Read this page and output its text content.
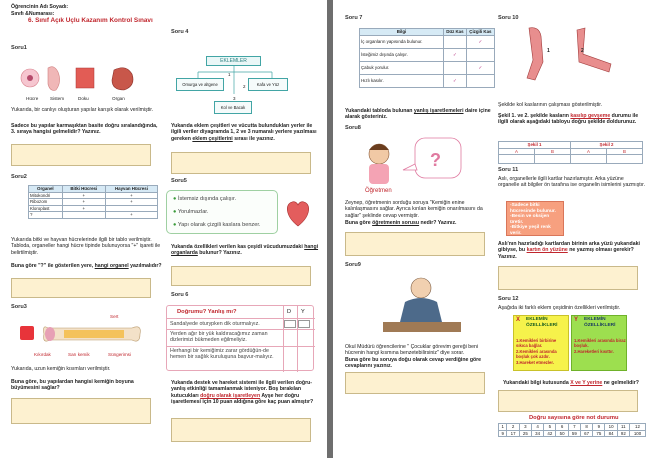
Öğrencinin Adı Soyadı:
Sınıfı &Numarası:
6. Sınıf Açık Uçlu Kazanım Kontrol Sınavı
Soru1
Hücre	Sistem	Doku	Organ
Yukarıda, bir canlıyı oluşturan yapılar karışık olarak verilmiştir.
Sadece bu yapılar karmaşıktan basite doğru sıralandığında, 3. sıraya hangisi gelmelidir? Yazınız.
Soru2
Organel	Bitki Hücresi	Hayvan Hücresi
Mitokondri	+	+
Ribozom	+	+
Kloroplast	+	
?		+
Yukarıda bitki ve hayvan hücrelerinde ilgili bir tablo verilmiştir. Tabloda, organeller hangi hücre tipinde bulunuyorsa "+" işareti ile belirtilmiştir.
Buna göre "?" ile gösterilen yere, hangi organel yazılmalıdır?
Soru3
Sert
Kıkırdak	Sarı kemik	Süngerimsi
Yukarıda, uzun kemiğin kısımları verilmiştir.
Buna göre, bu yapılardan hangisi kemiğin boyuna büyümesini sağlar?
Soru 4
EKLEMLER
Omurga ve altgene	Kafa ve Yüz
Kol ve Bacak
1
2
3
Yukarıda eklem çeşitleri ve vücutta bulundukları yerler ile ilgili veriler diyagramda 1, 2 ve 3 numaralı yerlere yazılması gereken eklem çeşitlerini sırası ile yazınız.
Soru5
● İstemsiz dışında çalışır.
● Yorulmazlar.
● Yapı olarak çizgili kaslara benzer.
Yukarıda özellikleri verilen kas çeşidi vücudumuzdaki hangi organlarda bulunur? Yazınız.
Soru 6
Doğrumu? Yanlış mı?	D Y
Sandalyede oturурken dik oturmalıyız.
Yerden ağır bir yük kaldıracağımız zaman dizlerimizi bükmeden eğilmeliyiz.
Herhangi bir kemiğimiz zarar gördüğün-de hemen bir sağlık kuruluşuna başvur-malıyız.
Yukarıda destek ve hareket sistemi ile ilgili verilen doğru-yanlış etkinliği tamamlanmak isteniyor. Boş bırakılan kutucukları doğru olarak işaretleyen Ayşe her doğru işaretlemesi için 10 puan aldığına göre kaç puan almıştır?
Soru 7
Bilgi	Düz Kas	Çizgili Kas
İç organların yapısında bulunur.		✓
İsteğimiz dışında çalışır.	✓	
Çabuk yorulur.		✓
Hızlı kasılır.	✓	
Yukarıdaki tabloda bulunan yanlış işaretlemeleri daire içine alarak gösteriniz.
Soru8
?
Öğretmen
Zeynep, öğretmenin sorduğu soruya "Kemiğin enine kalınlaşmasını sağlar. Ayrıca kırılan kemiğin onarılmasını da sağlar" şeklinde cevap vermiştir.
Buna göre öğretmenin sorusu nedir? Yazınız.
Soru9
Okul Müdürü öğrencilerine " Çocuklar görevim gereği beni hücrenin hangi kısmına benzetebilirsiniz" diye sorar.
Buna göre bu soruya doğu olarak cevap verdiğine göre cevaplarını yazınız.
Soru 10
1	2
Şekilde kol kaslarının çalışması gösterilmiştir.
Şekil 1. ve 2. şekilde kasların kasılıp gevşeme durumu ile ilgili olarak aşağıdaki tabloyu doğru şekilde doldurunuz.
Şekil 1		Şekil 2	
A	B	A	B

Soru 11
Aslı, organellerle ilgili kartlar hazırlamıştır. Arka yüzüne organelle ait bilgiler ön tarafına ise organelin isimlerini yazmıştır.
-Sadece bitki
hücresinde bulunur.
-Besin ve oksijen
üretir.
-Bitkiye yeşil renk
verir.
Aslı'nın hazırladığı kartlardan birinin arka yüzü yukarıdaki gibiyse, bu kartın ön yüzüne ne yazmış olması gerekir? Yazınız.
Soru 12
Aşağıda iki farklı eklem çeşidinin özellikleri verilmiştir.
X EKLEMİN ÖZELLİKLERİ
1.Kemikleri birbirine sıkıca bağlar.
2.Kemikleri arasında boşluk çok azdır.
3.Hareket etmezler.
Y EKLEMİN ÖZELLİKLERİ
1.Kemikleri arasında biraz boşluk.
2.Hareketleri kısıttır.
Yukarıdaki bilgi kutusunda X ve Y yerine ne gelmelidir?
Doğru sayısına göre not durumu
1	2	3	4	5	6	7	8	9	10	11	12
9	17	25	34	42	50	59	67	75	84	92	100
